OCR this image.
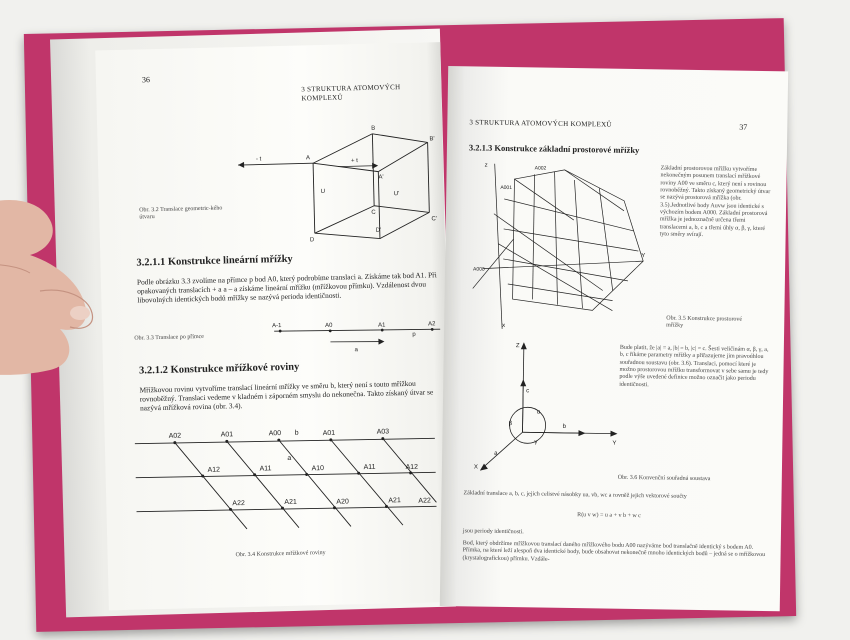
36
3 STRUKTURA ATOMOVÝCH KOMPLEXŮ
- t	A
B
+ t
A'
B'
U	U'
C
C'
D
D'
Obr. 3.2 Translace geometric-kého útvaru
3.2.1.1 Konstrukce lineární mřížky
Podle obrázku 3.3 zvolíme na přímce p bod A0, který podrobíme translaci a. Získáme tak bod A1. Při opakovaných translacích + a a – a získáme lineární mřížku (mřížkovou přímku). Vzdálenost dvou libovolných identických bodů mřížky se nazývá perioda identičnosti.
Obr. 3.3 Translace po přímce
A-1	A0	A1
p
A2
a
3.2.1.2 Konstrukce mřížkové roviny
Mřížkovou rovinu vytvoříme translací lineární mřížky ve směru b, který není s touto mřížkou rovnoběžný. Translaci vedeme v kladném i záporném smyslu do nekonečna. Takto získaný útvar se nazývá mřížková rovina (obr. 3.4).
A02	A01	A00 b	A01	A03
A12	A11
a
A10	A11	A12
A22	A21	A20	A21 A22
Obr. 3.4 Konstrukce mřížkové roviny
3 STRUKTURA ATOMOVÝCH KOMPLEXŮ	37
3.2.1.3 Konstrukce základní prostorové mřížky
z
A000
A001
A002
Y
x
Základní prostorovou mřížku vytvoříme nekonečným posunem translací mřížkové roviny A00 ve směru c, který není s rovinou rovnoběžný. Takto získaný geometrický útvar se nazývá prostorová mřížka (obr. 3.5).Jednotlivé body Auvw jsou identické s výchozím bodem A000. Základní prostorová mřížka je jednoznačně určena třemi translacemi a, b, c a třemi úhly α, β, γ, které tyto směry svírají.
Obr. 3.5 Konstrukce prostorové mřížky
Z
c
α
β
γ
b
Y
a
X
Bude platit, že |a| = a, |b| = b, |c| = c. Šesti veličinám α, β, γ, a, b, c říkáme parametry mřížky a přiřazujeme jim pravoúhlou souřadnou soustavu (obr. 3.6). Translaci, pomocí které je možno prostorovou mřížku transformovat v sebe samu je tedy podle výše uvedené definice možno označit jako periodu identičnosti.
Obr. 3.6 Konvenční souřadná soustava
Základní translace a, b, c, jejich celistvé násobky ua, vb, wc a rovněž jejich vektorové součty
R(u v w) = u a + v b + w c
jsou periody identičnosti.
Bod, který obdržíme mřížkovou translací daného mřížkového bodu A00 nazýváme bod translačně identický s bodem A0. Přímka, na které leží alespoň dva identické body, bude obsahovat nekonečně mnoho identických bodů – jedná se o mřížkovou (krystalografickou) přímku. Vzdále-
